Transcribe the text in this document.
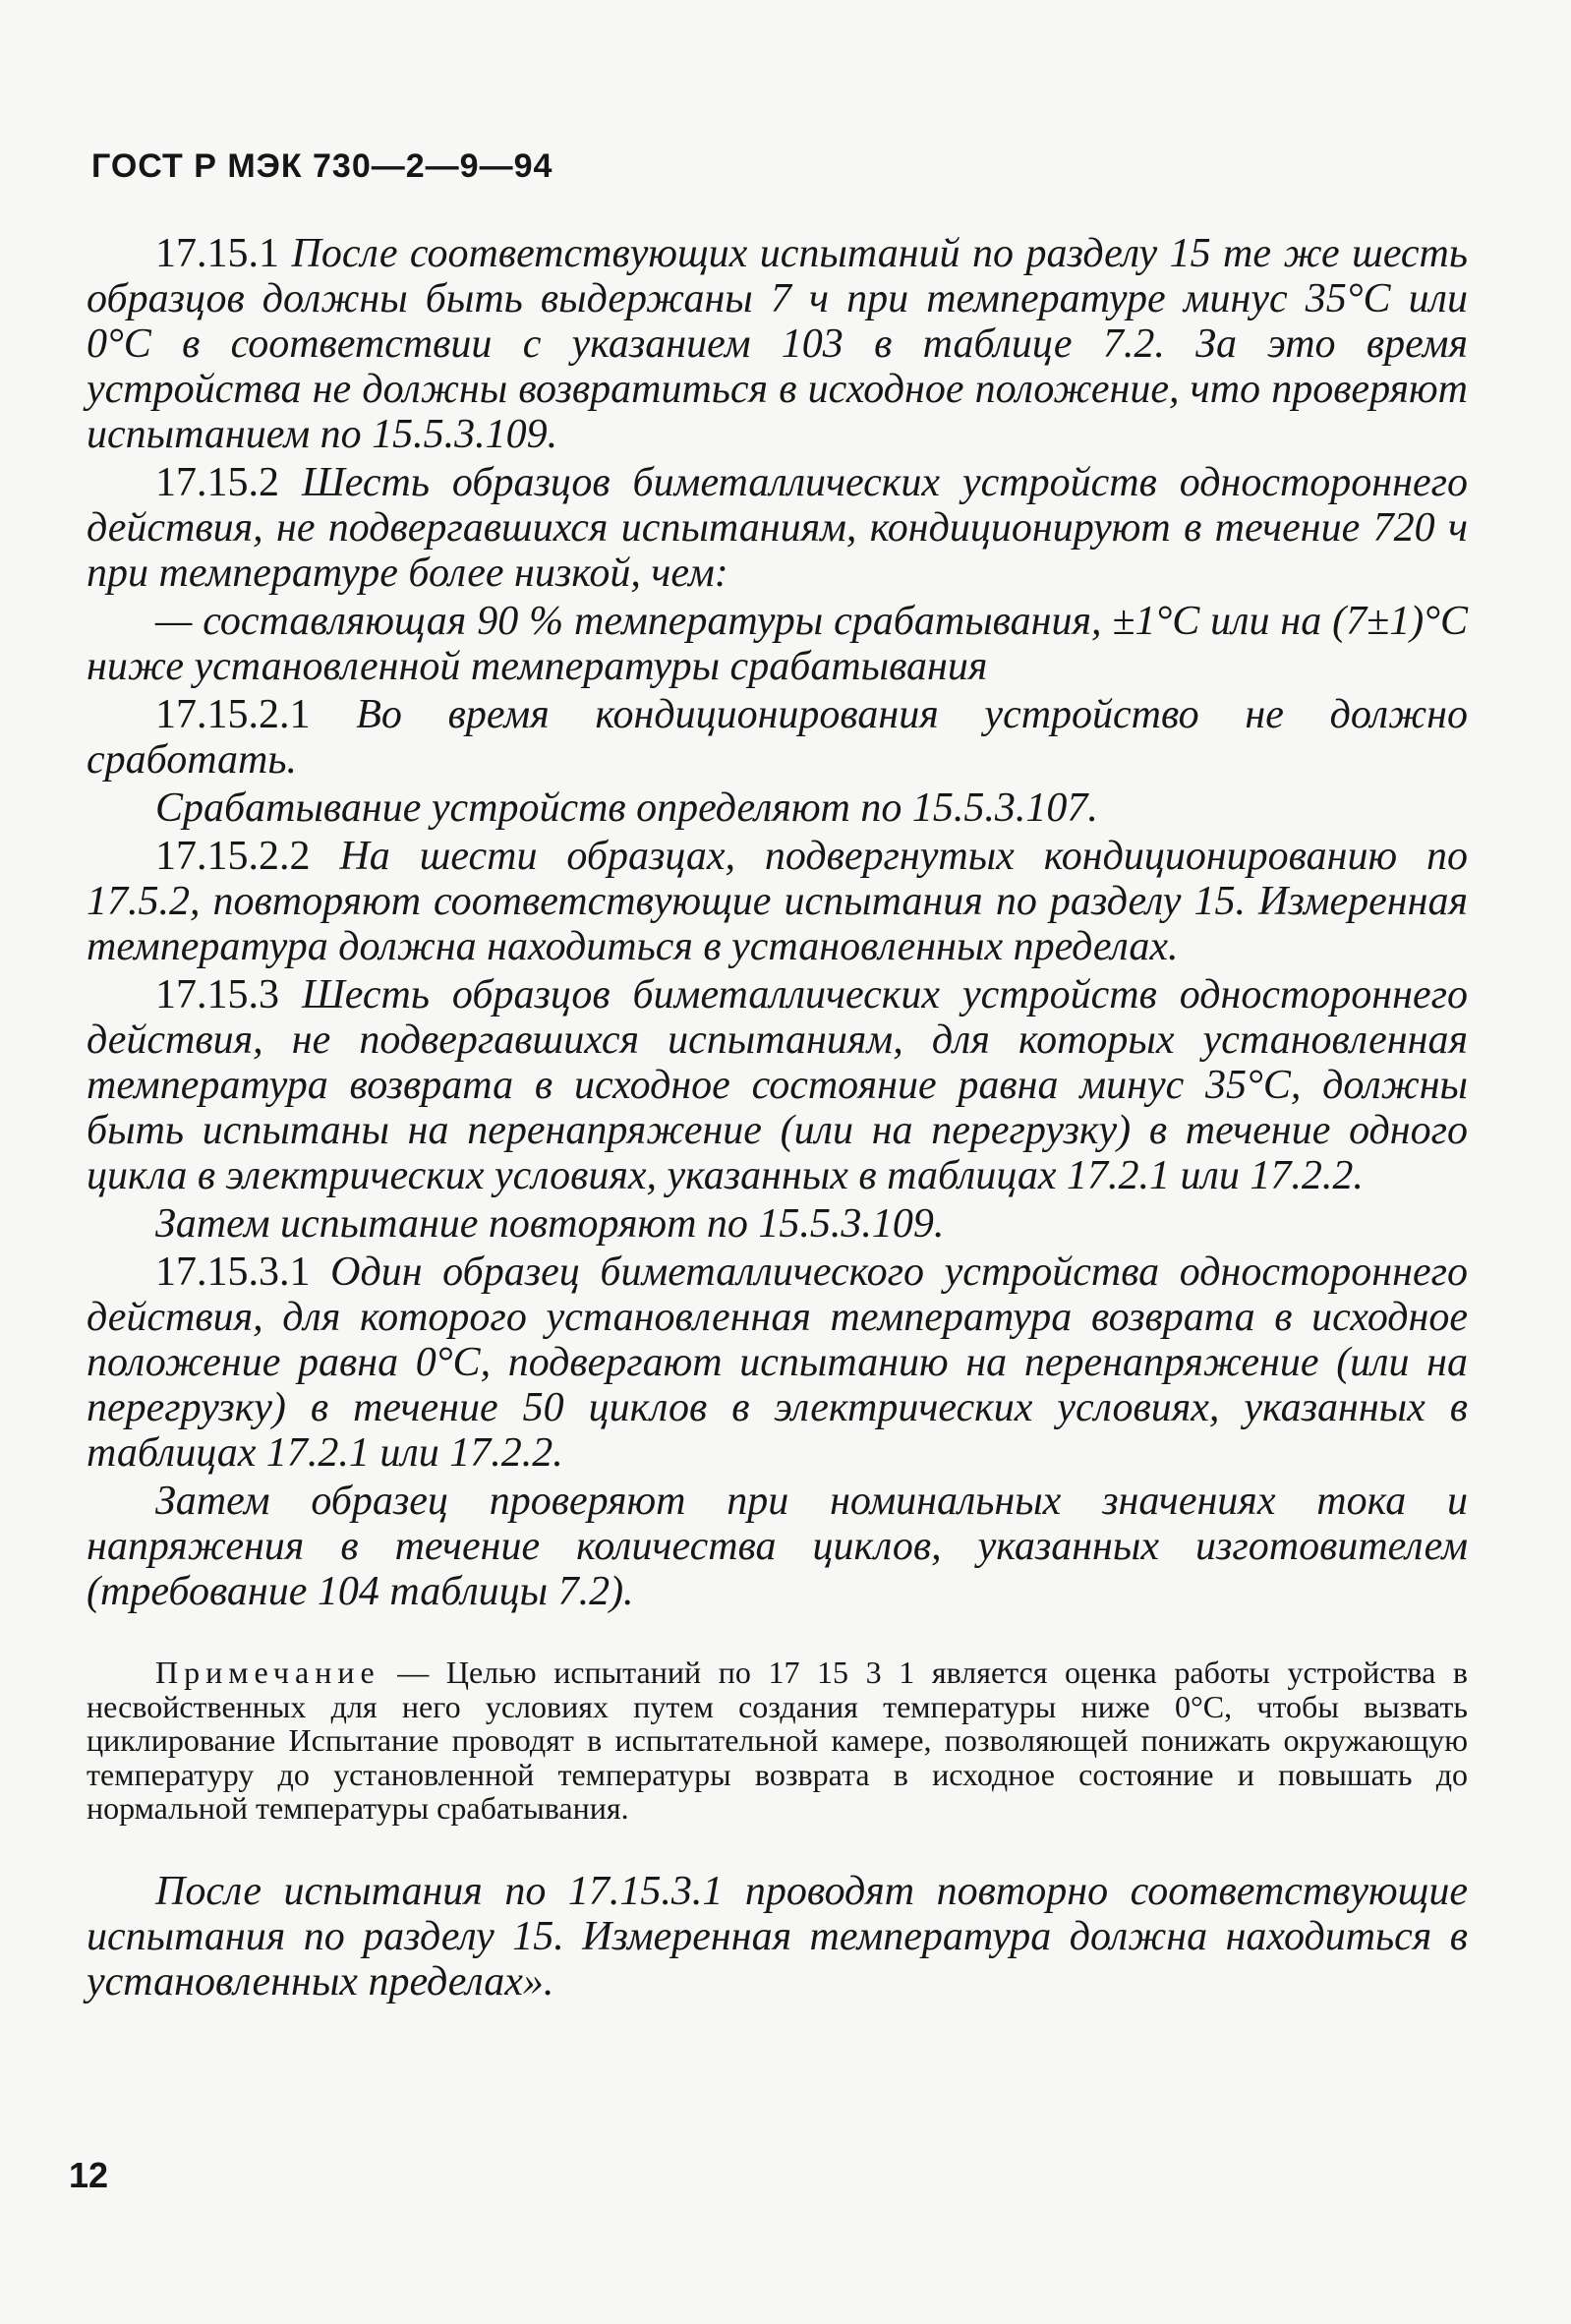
ГОСТ Р МЭК 730—2—9—94

17.15.1 После соответствующих испытаний по разделу 15 те же шесть образцов должны быть выдержаны 7 ч при температуре минус 35°С или 0°С в соответствии с указанием 103 в таблице 7.2. За это время устройства не должны возвратиться в исходное положение, что проверяют испытанием по 15.5.3.109.

17.15.2 Шесть образцов биметаллических устройств одностороннего действия, не подвергавшихся испытаниям, кондиционируют в течение 720 ч при температуре более низкой, чем:

— составляющая 90 % температуры срабатывания, ±1°С или на (7±1)°С ниже установленной температуры срабатывания

17.15.2.1 Во время кондиционирования устройство не должно сработать.

Срабатывание устройств определяют по 15.5.3.107.

17.15.2.2 На шести образцах, подвергнутых кондиционированию по 17.5.2, повторяют соответствующие испытания по разделу 15. Измеренная температура должна находиться в установленных пределах.

17.15.3 Шесть образцов биметаллических устройств одностороннего действия, не подвергавшихся испытаниям, для которых установленная температура возврата в исходное состояние равна минус 35°С, должны быть испытаны на перенапряжение (или на перегрузку) в течение одного цикла в электрических условиях, указанных в таблицах 17.2.1 или 17.2.2.

Затем испытание повторяют по 15.5.3.109.

17.15.3.1 Один образец биметаллического устройства одностороннего действия, для которого установленная температура возврата в исходное положение равна 0°С, подвергают испытанию на перенапряжение (или на перегрузку) в течение 50 циклов в электрических условиях, указанных в таблицах 17.2.1 или 17.2.2.

Затем образец проверяют при номинальных значениях тока и напряжения в течение количества циклов, указанных изготовителем (требование 104 таблицы 7.2).

Примечание — Целью испытаний по 17 15 3 1 является оценка работы устройства в несвойственных для него условиях путем создания температуры ниже 0°С, чтобы вызвать циклирование Испытание проводят в испытательной камере, позволяющей понижать окружающую температуру до установленной температуры возврата в исходное состояние и повышать до нормальной температуры срабатывания.

После испытания по 17.15.3.1 проводят повторно соответствующие испытания по разделу 15. Измеренная температура должна находиться в установленных пределах».

12
